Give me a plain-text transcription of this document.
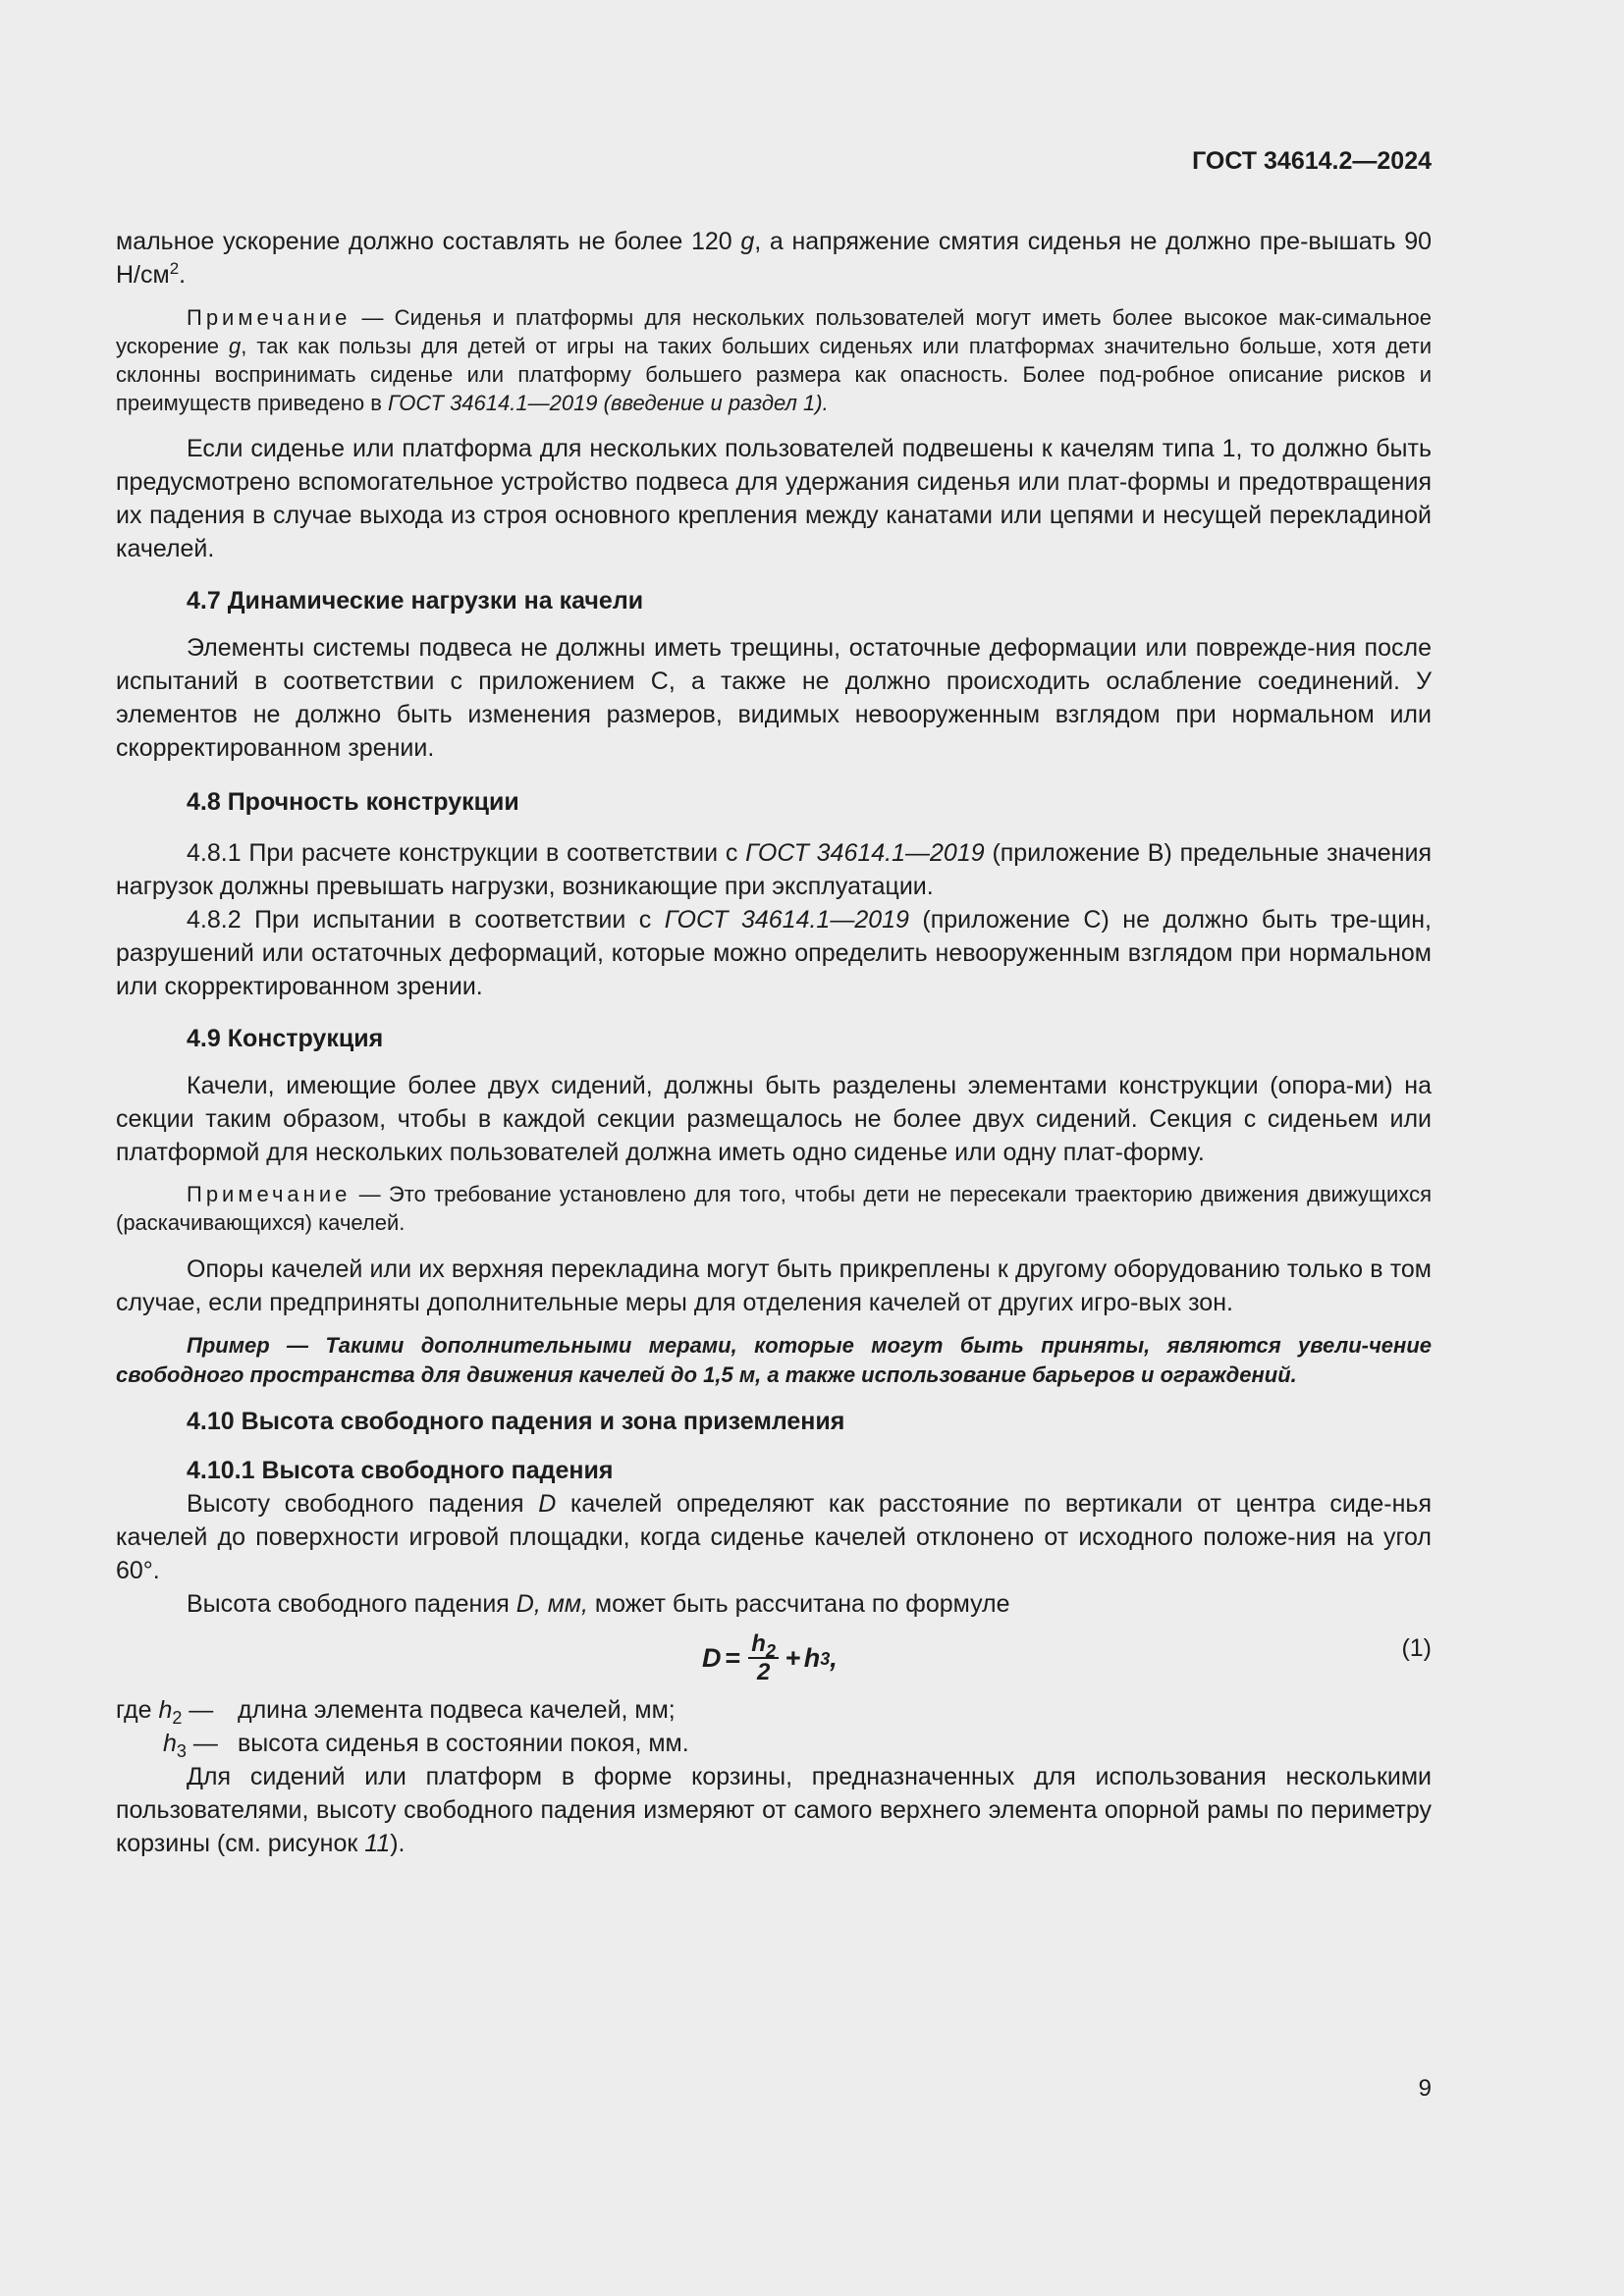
ГОСТ 34614.2—2024

мальное ускорение должно составлять не более 120 g, а напряжение смятия сиденья не должно пре-вышать 90 $Н/см^2$.

Примечание — Сиденья и платформы для нескольких пользователей могут иметь более высокое мак-симальное ускорение g, так как пользы для детей от игры на таких больших сиденьях или платформах значительно больше, хотя дети склонны воспринимать сиденье или платформу большего размера как опасность. Более под-робное описание рисков и преимуществ приведено в ГОСТ 34614.1—2019 (введение и раздел 1).

Если сиденье или платформа для нескольких пользователей подвешены к качелям типа 1, то должно быть предусмотрено вспомогательное устройство подвеса для удержания сиденья или плат-формы и предотвращения их падения в случае выхода из строя основного крепления между канатами или цепями и несущей перекладиной качелей.

4.7 Динамические нагрузки на качели

Элементы системы подвеса не должны иметь трещины, остаточные деформации или поврежде-ния после испытаний в соответствии с приложением С, а также не должно происходить ослабление соединений. У элементов не должно быть изменения размеров, видимых невооруженным взглядом при нормальном или скорректированном зрении.

4.8 Прочность конструкции

4.8.1 При расчете конструкции в соответствии с ГОСТ 34614.1—2019 (приложение В) предельные значения нагрузок должны превышать нагрузки, возникающие при эксплуатации.

4.8.2 При испытании в соответствии с ГОСТ 34614.1—2019 (приложение С) не должно быть тре-щин, разрушений или остаточных деформаций, которые можно определить невооруженным взглядом при нормальном или скорректированном зрении.

4.9 Конструкция

Качели, имеющие более двух сидений, должны быть разделены элементами конструкции (опора-ми) на секции таким образом, чтобы в каждой секции размещалось не более двух сидений. Секция с сиденьем или платформой для нескольких пользователей должна иметь одно сиденье или одну плат-форму.

Примечание — Это требование установлено для того, чтобы дети не пересекали траекторию движения движущихся (раскачивающихся) качелей.

Опоры качелей или их верхняя перекладина могут быть прикреплены к другому оборудованию только в том случае, если предприняты дополнительные меры для отделения качелей от других игро-вых зон.

Пример — Такими дополнительными мерами, которые могут быть приняты, являются увели-чение свободного пространства для движения качелей до 1,5 м, а также использование барьеров и ограждений.

4.10 Высота свободного падения и зона приземления

4.10.1 Высота свободного падения

Высоту свободного падения D качелей определяют как расстояние по вертикали от центра сиде-нья качелей до поверхности игровой площадки, когда сиденье качелей отклонено от исходного положе-ния на угол 60°.

Высота свободного падения D, мм, может быть рассчитана по формуле

$D = \frac{h_2}{2} + h$ 3 ,	(1)
где $h_2$ —длина элемента подвеса качелей, мм;
$h_3$ —высота сиденья в состоянии покоя, мм.

Для сидений или платформ в форме корзины, предназначенных для использования несколькими пользователями, высоту свободного падения измеряют от самого верхнего элемента опорной рамы по периметру корзины (см. рисунок 11).

9
